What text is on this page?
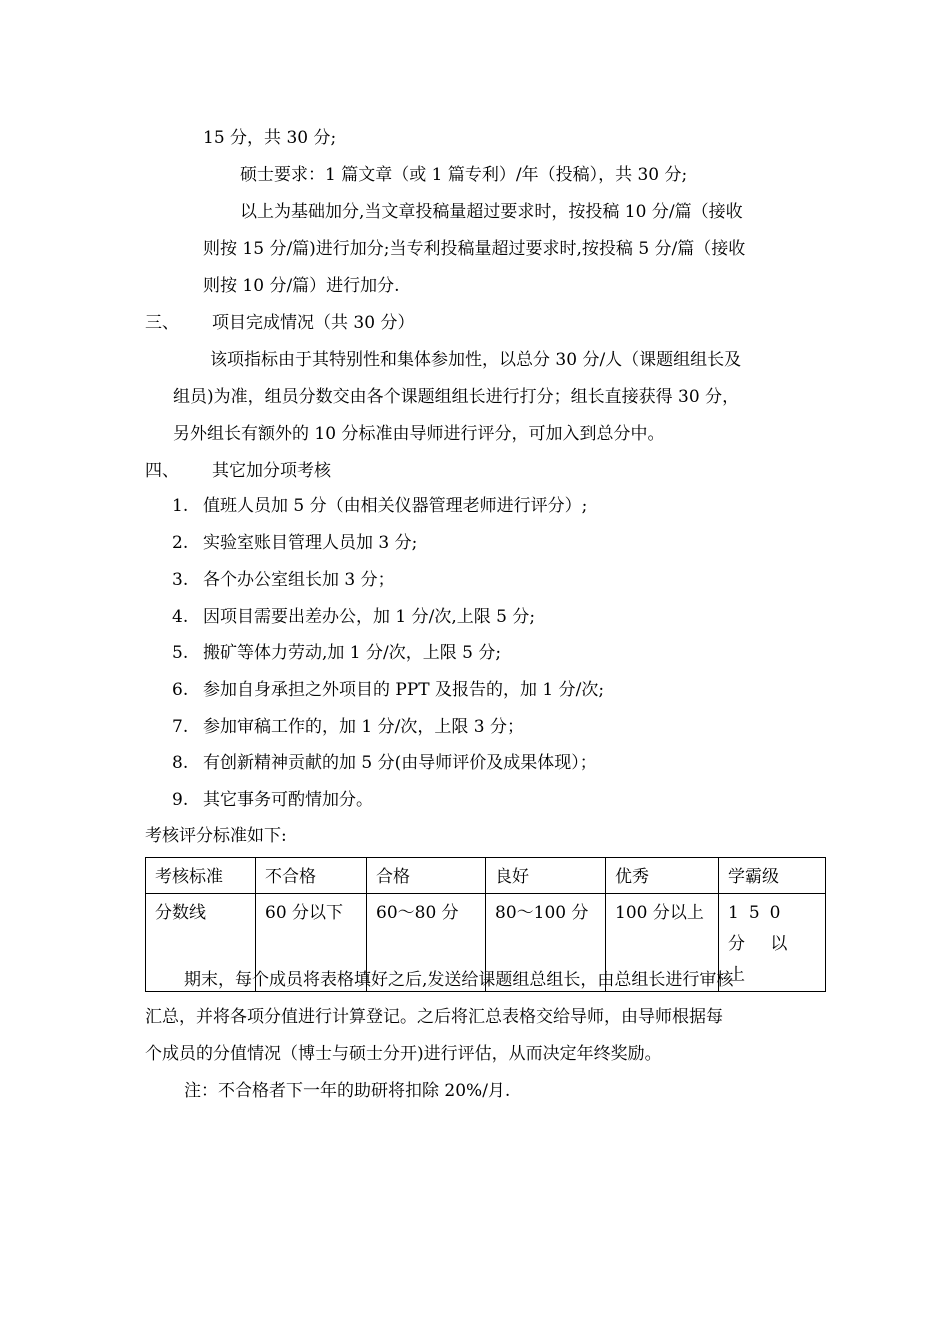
15 分，共 30 分;
硕士要求：1 篇文章（或 1 篇专利）/年（投稿），共 30 分;
以上为基础加分,当文章投稿量超过要求时，按投稿 10 分/篇（接收
则按 15 分/篇)进行加分;当专利投稿量超过要求时,按投稿 5 分/篇（接收
则按 10 分/篇）进行加分.
三、 项目完成情况（共 30 分）
该项指标由于其特别性和集体参加性，以总分 30 分/人（课题组组长及
组员)为准，组员分数交由各个课题组组长进行打分；组长直接获得 30 分，
另外组长有额外的 10 分标准由导师进行评分，可加入到总分中。
四、 其它加分项考核
1. 值班人员加 5 分（由相关仪器管理老师进行评分）;
2. 实验室账目管理人员加 3 分;
3. 各个办公室组长加 3 分；
4. 因项目需要出差办公，加 1 分/次,上限 5 分;
5. 搬矿等体力劳动,加 1 分/次，上限 5 分;
6. 参加自身承担之外项目的 PPT 及报告的，加 1 分/次;
7. 参加审稿工作的，加 1 分/次，上限 3 分；
8. 有创新精神贡献的加 5 分(由导师评价及成果体现）；
9. 其它事务可酌情加分。
考核评分标准如下:
考核标准	不合格	合格	良好	优秀	学霸级
分数线	60 分以下	60～80 分	80～100 分	100 分以上	150 分 以
上
期末，每个成员将表格填好之后,发送给课题组总组长，由总组长进行审核
汇总，并将各项分值进行计算登记。之后将汇总表格交给导师，由导师根据每
个成员的分值情况（博士与硕士分开)进行评估，从而决定年终奖励。
注：不合格者下一年的助研将扣除 20%/月.
